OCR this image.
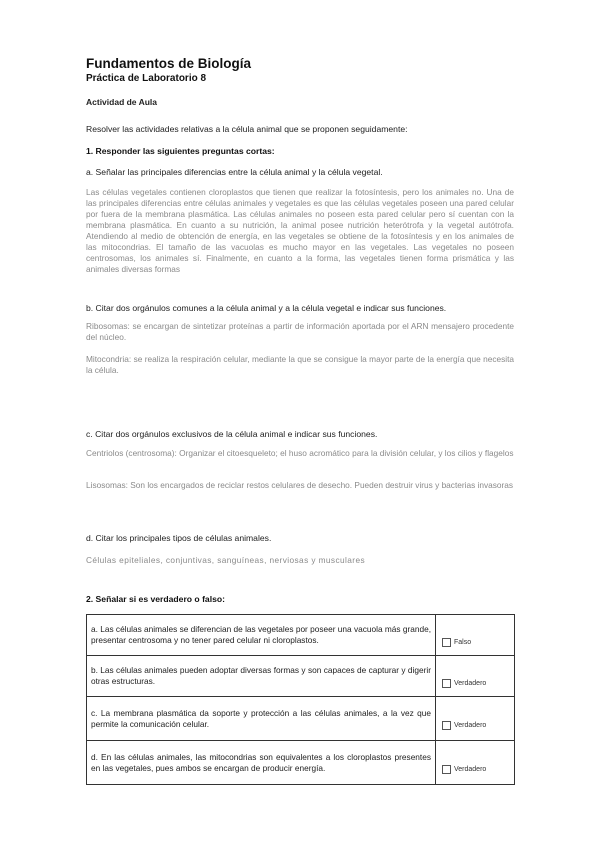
Fundamentos de Biología
Práctica de Laboratorio 8
Actividad de Aula
Resolver las actividades relativas a la célula animal que se proponen seguidamente:
1. Responder las siguientes preguntas cortas:
a. Señalar las principales diferencias entre la célula animal y la célula vegetal.
Las células vegetales contienen cloroplastos que tienen que realizar la fotosíntesis, pero los animales no. Una de las principales diferencias entre células animales y vegetales es que las células vegetales poseen una pared celular por fuera de la membrana plasmática. Las células animales no poseen esta pared celular pero sí cuentan con la membrana plasmática. En cuanto a su nutrición, la animal posee nutrición heterótrofa y la vegetal autótrofa. Atendiendo al medio de obtención de energía, en las vegetales se obtiene de la fotosíntesis y en los animales de las mitocondrias. El tamaño de las vacuolas es mucho mayor en las vegetales. Las vegetales no poseen centrosomas, los animales sí. Finalmente, en cuanto a la forma, las vegetales tienen forma prismática y las animales diversas formas
b. Citar dos orgánulos comunes a la célula animal y a la célula vegetal e indicar sus funciones.
Ribosomas: se encargan de sintetizar proteínas a partir de información aportada por el ARN mensajero procedente del núcleo.
Mitocondria: se realiza la respiración celular, mediante la que se consigue la mayor parte de la energía que necesita la célula.
c. Citar dos orgánulos exclusivos de la célula animal e indicar sus funciones.
Centriolos (centrosoma): Organizar el citoesqueleto; el huso acromático para la división celular, y los cilios y flagelos
Lisosomas: Son los encargados de reciclar restos celulares de desecho. Pueden destruir virus y bacterias invasoras
d. Citar los principales tipos de células animales.
Células epiteliales, conjuntivas, sanguíneas, nerviosas y musculares
2. Señalar si es verdadero o falso:
a. Las células animales se diferencian de las vegetales por poseer una vacuola más grande, presentar centrosoma y no tener pared celular ni cloroplastos.	Falso

b. Las células animales pueden adoptar diversas formas y son capaces de capturar y digerir otras estructuras.	Verdadero

c. La membrana plasmática da soporte y protección a las células animales, a la vez que permite la comunicación celular.	Verdadero

d. En las células animales, las mitocondrias son equivalentes a los cloroplastos presentes en las vegetales, pues ambos se encargan de producir energía.	Verdadero
